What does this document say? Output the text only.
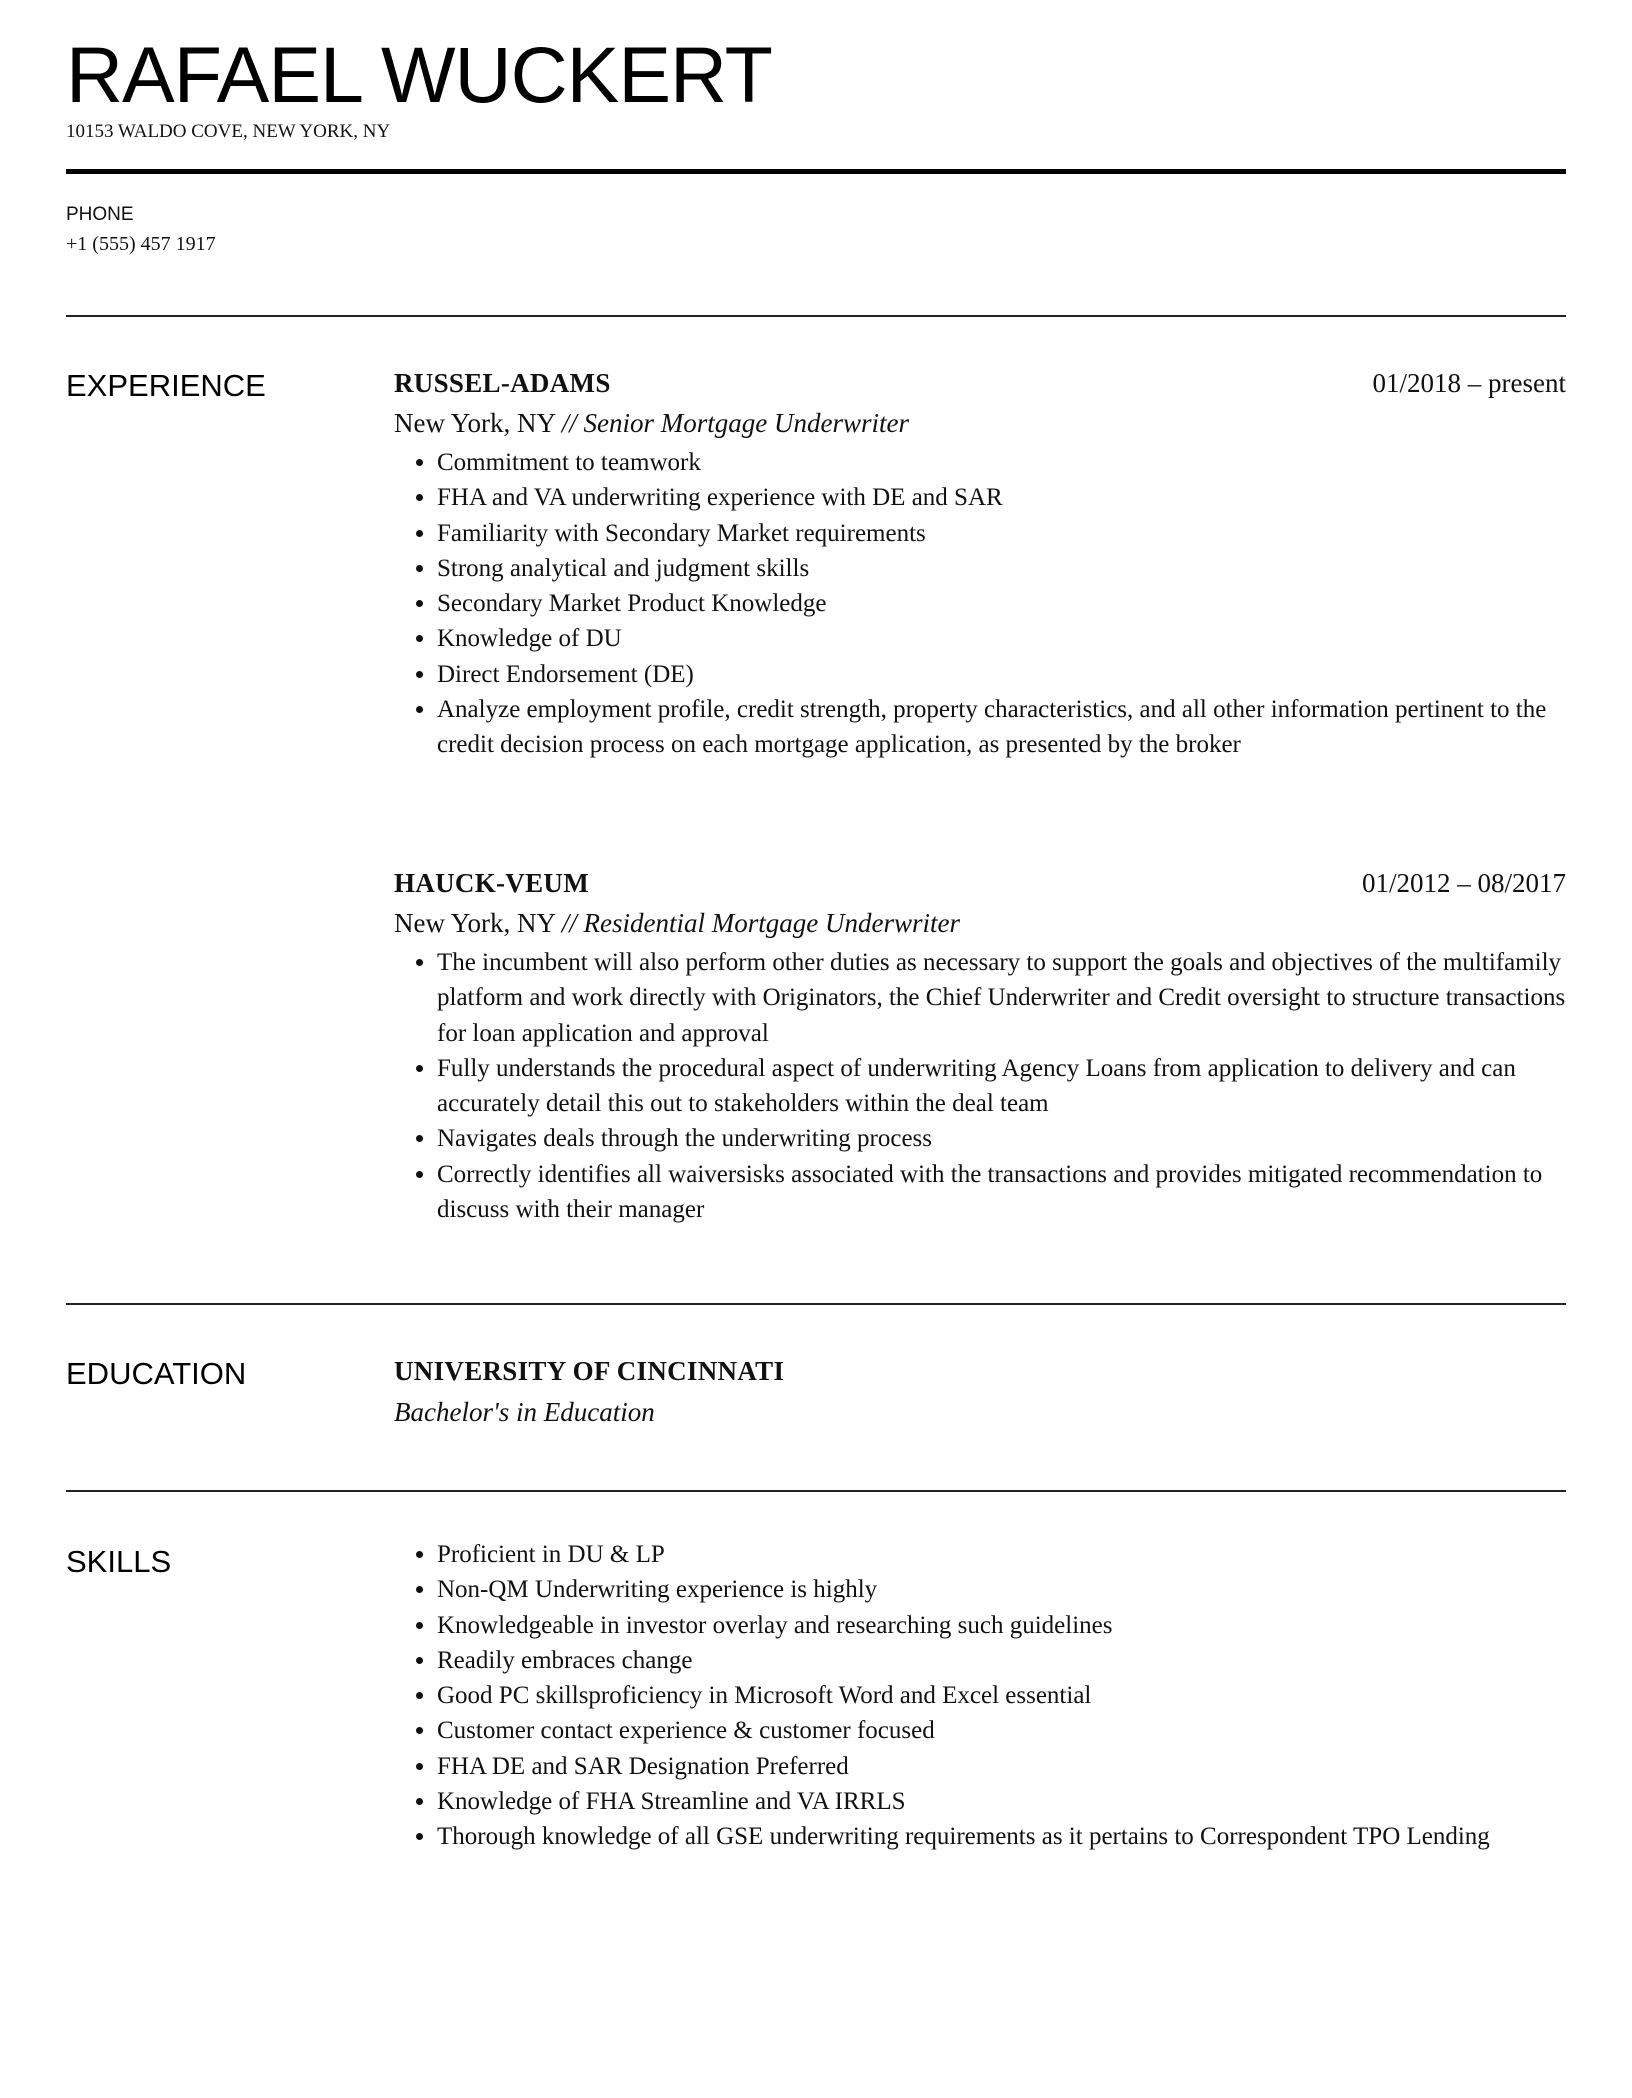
RAFAEL WUCKERT
10153 WALDO COVE, NEW YORK, NY
PHONE
+1 (555) 457 1917
EXPERIENCE	RUSSEL-ADAMS	01/2018 – present
New York, NY // Senior Mortgage Underwriter
• Commitment to teamwork
• FHA and VA underwriting experience with DE and SAR
• Familiarity with Secondary Market requirements
• Strong analytical and judgment skills
• Secondary Market Product Knowledge
• Knowledge of DU
• Direct Endorsement (DE)
• Analyze employment profile, credit strength, property characteristics, and all other information pertinent to the credit decision process on each mortgage application, as presented by the broker
HAUCK-VEUM	01/2012 – 08/2017
New York, NY // Residential Mortgage Underwriter
• The incumbent will also perform other duties as necessary to support the goals and objectives of the multifamily platform and work directly with Originators, the Chief Underwriter and Credit oversight to structure transactions for loan application and approval
• Fully understands the procedural aspect of underwriting Agency Loans from application to delivery and can accurately detail this out to stakeholders within the deal team
• Navigates deals through the underwriting process
• Correctly identifies all waiversisks associated with the transactions and provides mitigated recommendation to discuss with their manager
EDUCATION	UNIVERSITY OF CINCINNATI
Bachelor's in Education
SKILLS
•	Proficient in DU & LP
• Non-QM Underwriting experience is highly
• Knowledgeable in investor overlay and researching such guidelines
• Readily embraces change
• Good PC skillsproficiency in Microsoft Word and Excel essential
• Customer contact experience & customer focused
• FHA DE and SAR Designation Preferred
• Knowledge of FHA Streamline and VA IRRLS
• Thorough knowledge of all GSE underwriting requirements as it pertains to Correspondent TPO Lending
